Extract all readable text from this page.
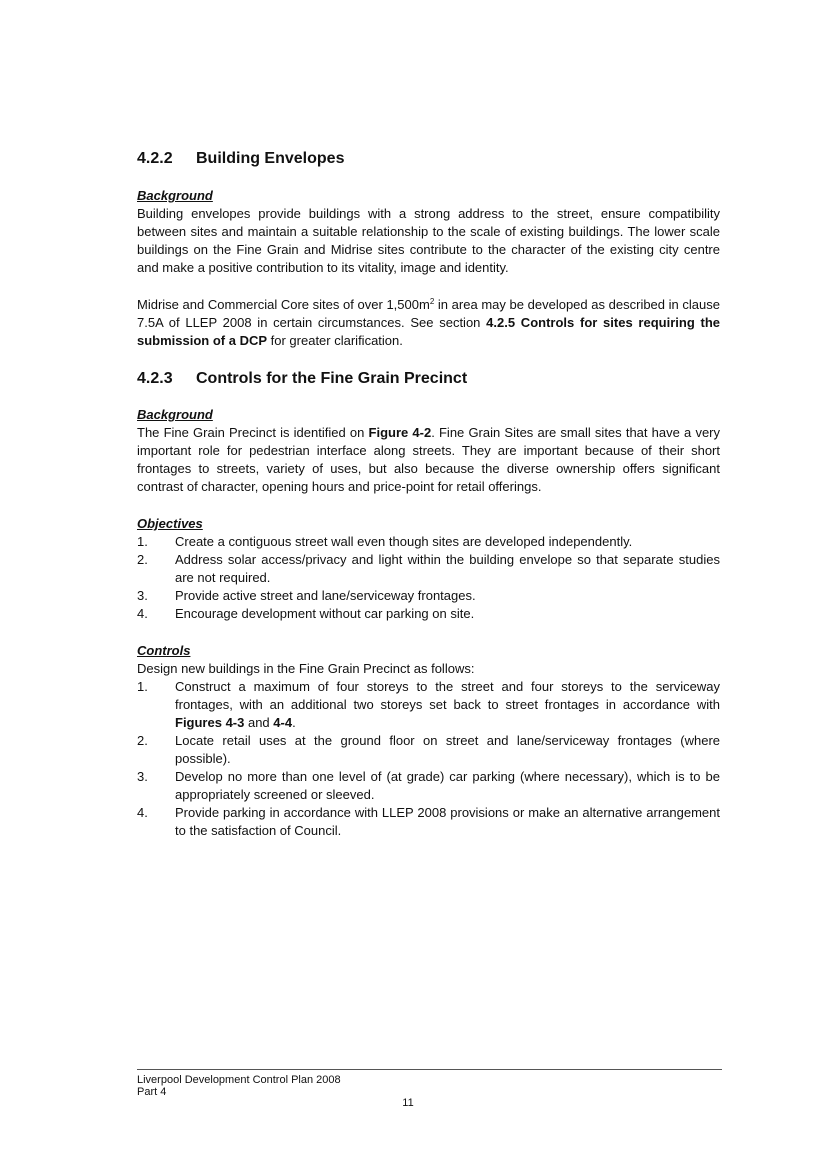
4.2.2 Building Envelopes

Background

Building envelopes provide buildings with a strong address to the street, ensure compatibility between sites and maintain a suitable relationship to the scale of existing buildings. The lower scale buildings on the Fine Grain and Midrise sites contribute to the character of the existing city centre and make a positive contribution to its vitality, image and identity.

Midrise and Commercial Core sites of over $1,500m^2$ in area may be developed as described in clause 7.5A of LLEP 2008 in certain circumstances. See section 4.2.5 Controls for sites requiring the submission of a DCP for greater clarification.

4.2.3 Controls for the Fine Grain Precinct

Background

The Fine Grain Precinct is identified on Figure 4-2. Fine Grain Sites are small sites that have a very important role for pedestrian interface along streets. They are important because of their short frontages to streets, variety of uses, but also because the diverse ownership offers significant contrast of character, opening hours and price-point for retail offerings.

Objectives

1.	Create a contiguous street wall even though sites are developed independently.
2.	Address solar access/privacy and light within the building envelope so that separate studies are not required.
3.	Provide active street and lane/serviceway frontages.
4.	Encourage development without car parking on site.

Controls

Design new buildings in the Fine Grain Precinct as follows:

1.	Construct a maximum of four storeys to the street and four storeys to the serviceway frontages, with an additional two storeys set back to street frontages in accordance with Figures 4-3 and 4-4.
2.	Locate retail uses at the ground floor on street and lane/serviceway frontages (where possible).
3.	Develop no more than one level of (at grade) car parking (where necessary), which is to be appropriately screened or sleeved.
4.	Provide parking in accordance with LLEP 2008 provisions or make an alternative arrangement to the satisfaction of Council.
Liverpool Development Control Plan 2008
Part 4
11
